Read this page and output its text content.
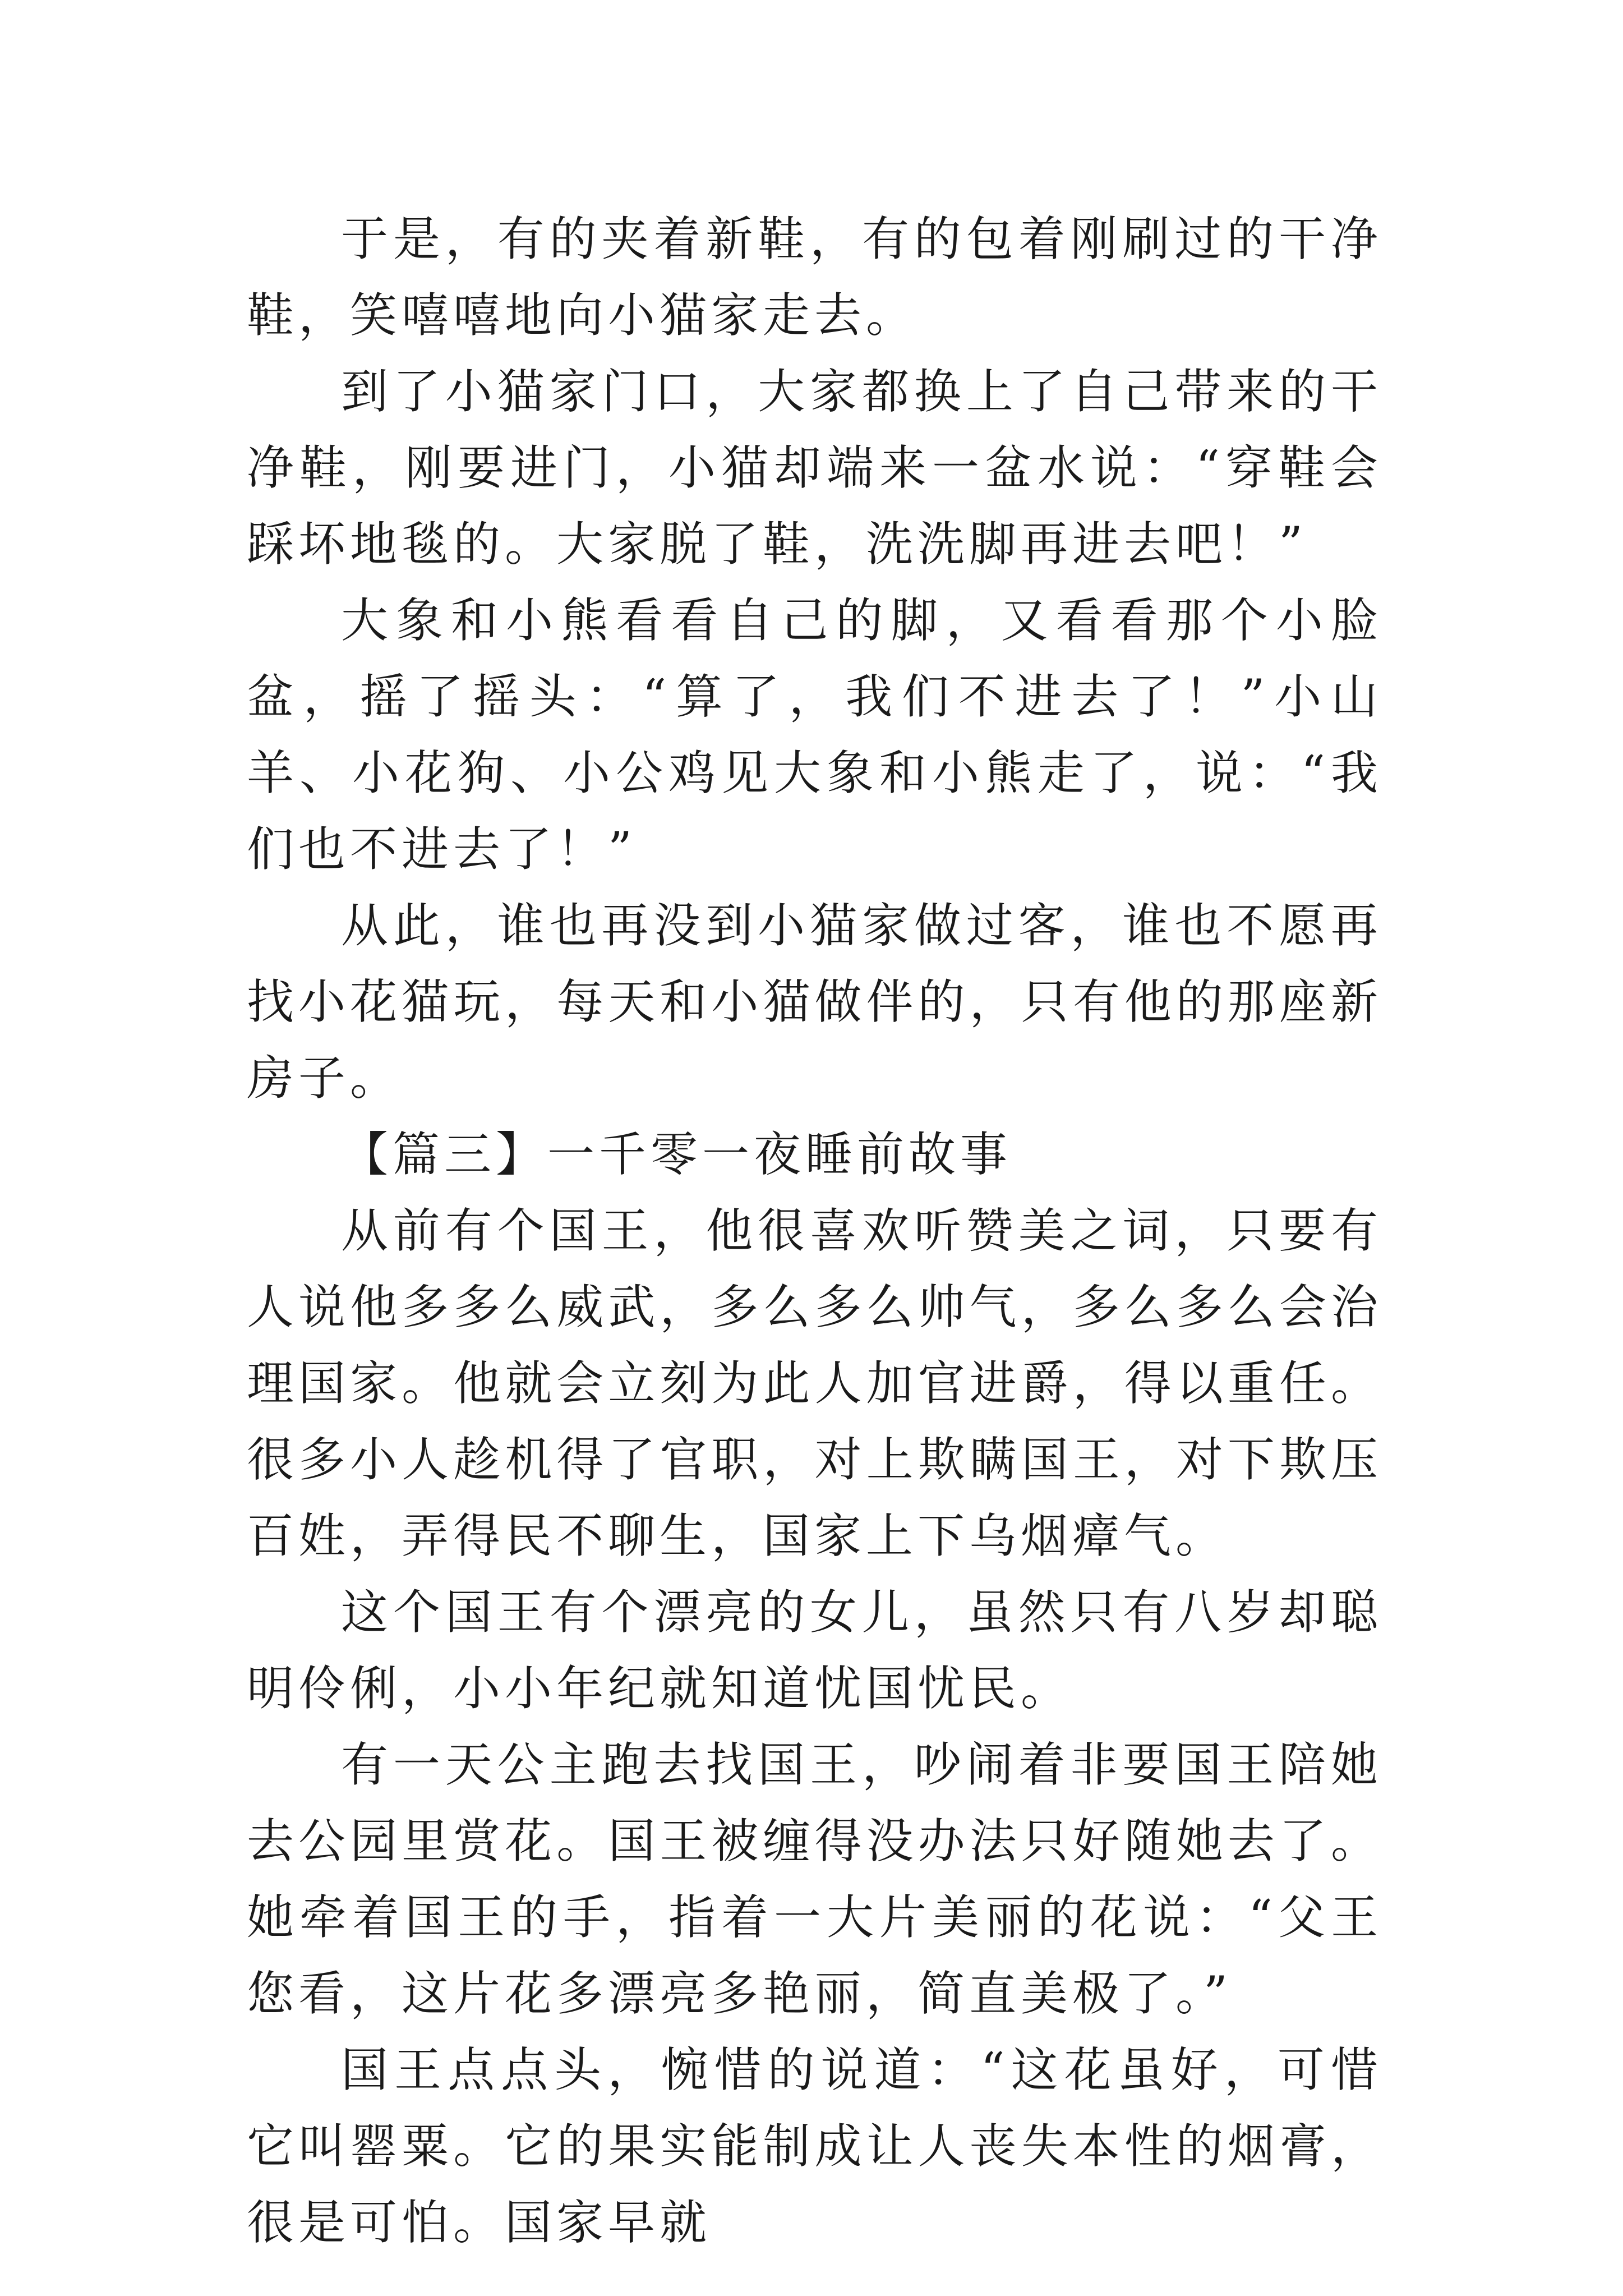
于是，有的夹着新鞋，有的包着刚刷过的干净鞋，笑嘻嘻地向小猫家走去。

到了小猫家门口，大家都换上了自己带来的干净鞋，刚要进门，小猫却端来一盆水说：“穿鞋会踩坏地毯的。大家脱了鞋，洗洗脚再进去吧！”

大象和小熊看看自己的脚，又看看那个小脸盆，摇了摇头：“算了，我们不进去了！”小山羊、小花狗、小公鸡见大象和小熊走了，说：“我们也不进去了！”

从此，谁也再没到小猫家做过客，谁也不愿再找小花猫玩，每天和小猫做伴的，只有他的那座新房子。

【篇三】一千零一夜睡前故事

从前有个国王，他很喜欢听赞美之词，只要有人说他多多么威武，多么多么帅气，多么多么会治理国家。他就会立刻为此人加官进爵，得以重任。很多小人趁机得了官职，对上欺瞒国王，对下欺压百姓，弄得民不聊生，国家上下乌烟瘴气。

这个国王有个漂亮的女儿，虽然只有八岁却聪明伶俐，小小年纪就知道忧国忧民。

有一天公主跑去找国王，吵闹着非要国王陪她去公园里赏花。国王被缠得没办法只好随她去了。她牵着国王的手，指着一大片美丽的花说：“父王您看，这片花多漂亮多艳丽，简直美极了。”

国王点点头，惋惜的说道：“这花虽好，可惜它叫罂粟。它的果实能制成让人丧失本性的烟膏，很是可怕。国家早就
